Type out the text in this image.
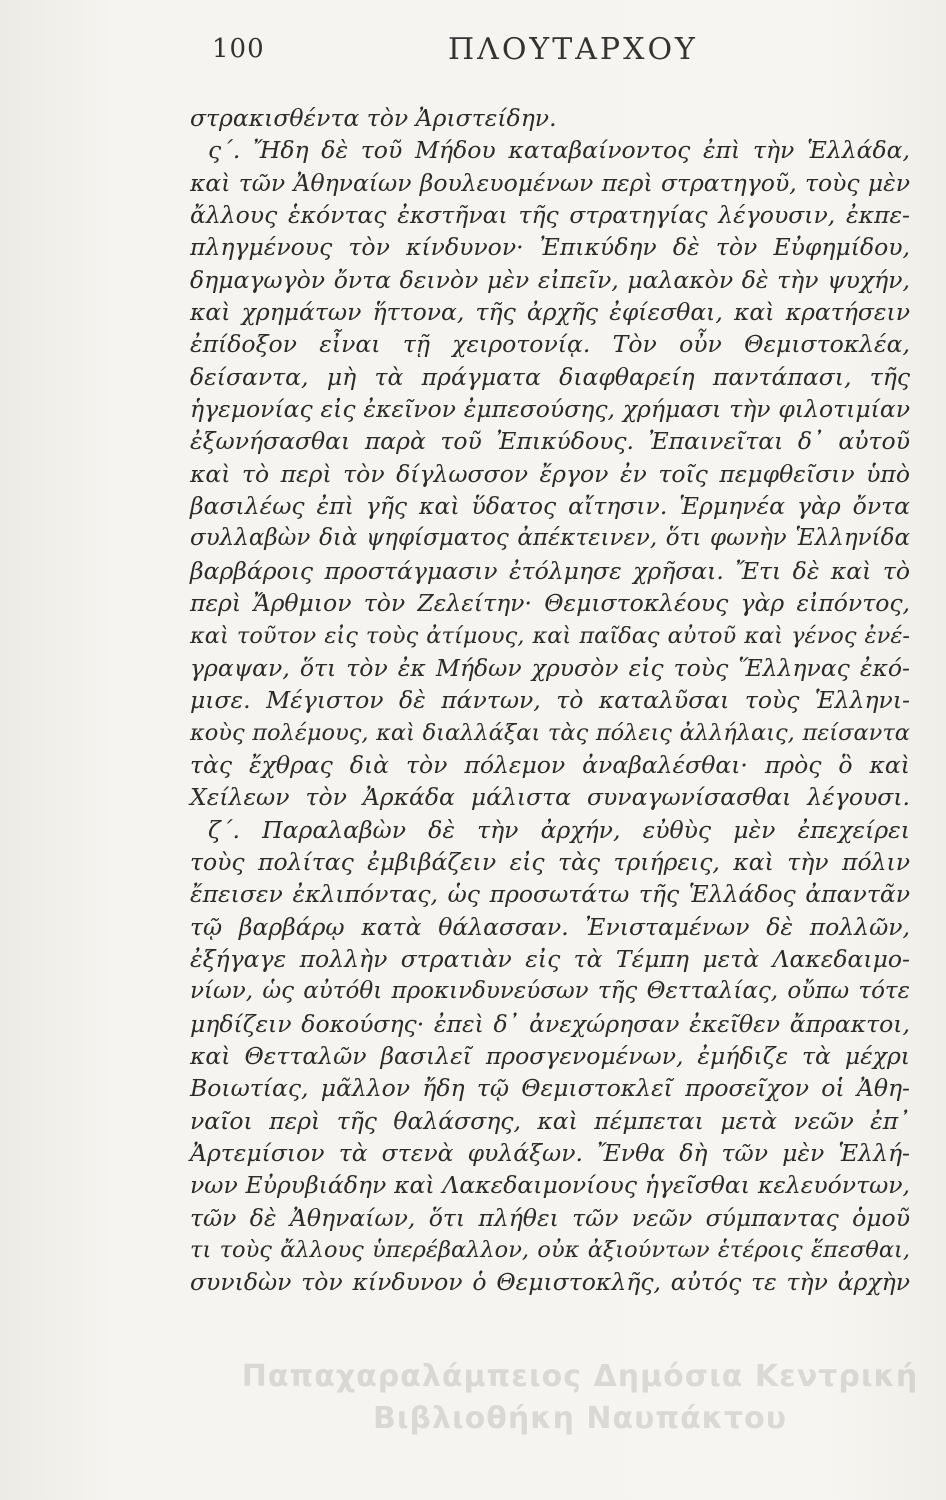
100	ΠΛΟΥΤΑΡΧΟΥ
στρακισθέντα τὸν Ἀριστείδην.
ς΄. Ἤδη δὲ τοῦ Μήδου καταβαίνοντος ἐπὶ τὴν Ἑλλάδα,
καὶ τῶν Ἀθηναίων βουλευομένων περὶ στρατηγοῦ, τοὺς μὲν
ἄλλους ἑκόντας ἐκστῆναι τῆς στρατηγίας λέγουσιν, ἐκπε-
πληγμένους τὸν κίνδυνον· Ἐπικύδην δὲ τὸν Εὐφημίδου,
δημαγωγὸν ὄντα δεινὸν μὲν εἰπεῖν, μαλακὸν δὲ τὴν ψυχήν,
καὶ χρημάτων ἥττονα, τῆς ἀρχῆς ἐφίεσθαι, καὶ κρατήσειν
ἐπίδοξον εἶναι τῇ χειροτονίᾳ. Τὸν οὖν Θεμιστοκλέα,
δείσαντα, μὴ τὰ πράγματα διαφθαρείη παντάπασι, τῆς
ἡγεμονίας εἰς ἐκεῖνον ἐμπεσούσης, χρήμασι τὴν φιλοτιμίαν
ἐξωνήσασθαι παρὰ τοῦ Ἐπικύδους. Ἐπαινεῖται δ᾽ αὐτοῦ
καὶ τὸ περὶ τὸν δίγλωσσον ἔργον ἐν τοῖς πεμφθεῖσιν ὑπὸ
βασιλέως ἐπὶ γῆς καὶ ὕδατος αἴτησιν. Ἑρμηνέα γὰρ ὄντα
συλλαβὼν διὰ ψηφίσματος ἀπέκτεινεν, ὅτι φωνὴν Ἑλληνίδα
βαρβάροις προστάγμασιν ἐτόλμησε χρῆσαι. Ἔτι δὲ καὶ τὸ
περὶ Ἄρθμιον τὸν Ζελείτην· Θεμιστοκλέους γὰρ εἰπόντος,
καὶ τοῦτον εἰς τοὺς ἀτίμους, καὶ παῖδας αὐτοῦ καὶ γένος ἐνέ-
γραψαν, ὅτι τὸν ἐκ Μήδων χρυσὸν εἰς τοὺς Ἕλληνας ἐκό-
μισε. Μέγιστον δὲ πάντων, τὸ καταλῦσαι τοὺς Ἑλληνι-
κοὺς πολέμους, καὶ διαλλάξαι τὰς πόλεις ἀλλήλαις, πείσαντα
τὰς ἔχθρας διὰ τὸν πόλεμον ἀναβαλέσθαι· πρὸς ὃ καὶ
Χείλεων τὸν Ἀρκάδα μάλιστα συναγωνίσασθαι λέγουσι.
ζ΄. Παραλαβὼν δὲ τὴν ἀρχήν, εὐθὺς μὲν ἐπεχείρει
τοὺς πολίτας ἐμβιβάζειν εἰς τὰς τριήρεις, καὶ τὴν πόλιν
ἔπεισεν ἐκλιπόντας, ὡς προσωτάτω τῆς Ἑλλάδος ἀπαντᾶν
τῷ βαρβάρῳ κατὰ θάλασσαν. Ἐνισταμένων δὲ πολλῶν,
ἐξήγαγε πολλὴν στρατιὰν εἰς τὰ Τέμπη μετὰ Λακεδαιμο-
νίων, ὡς αὐτόθι προκινδυνεύσων τῆς Θετταλίας, οὔπω τότε
μηδίζειν δοκούσης· ἐπεὶ δ᾽ ἀνεχώρησαν ἐκεῖθεν ἄπρακτοι,
καὶ Θετταλῶν βασιλεῖ προσγενομένων, ἐμήδιζε τὰ μέχρι
Βοιωτίας, μᾶλλον ἤδη τῷ Θεμιστοκλεῖ προσεῖχον οἱ Ἀθη-
ναῖοι περὶ τῆς θαλάσσης, καὶ πέμπεται μετὰ νεῶν ἐπ᾽
Ἀρτεμίσιον τὰ στενὰ φυλάξων. Ἔνθα δὴ τῶν μὲν Ἑλλή-
νων Εὐρυβιάδην καὶ Λακεδαιμονίους ἡγεῖσθαι κελευόντων,
τῶν δὲ Ἀθηναίων, ὅτι πλήθει τῶν νεῶν σύμπαντας ὁμοῦ
τι τοὺς ἄλλους ὑπερέβαλλον, οὐκ ἀξιούντων ἑτέροις ἕπεσθαι,
συνιδὼν τὸν κίνδυνον ὁ Θεμιστοκλῆς, αὐτός τε τὴν ἀρχὴν
Παπαχαραλάμπειος Δημόσια Κεντρική
Βιβλιοθήκη Ναυπάκτου
